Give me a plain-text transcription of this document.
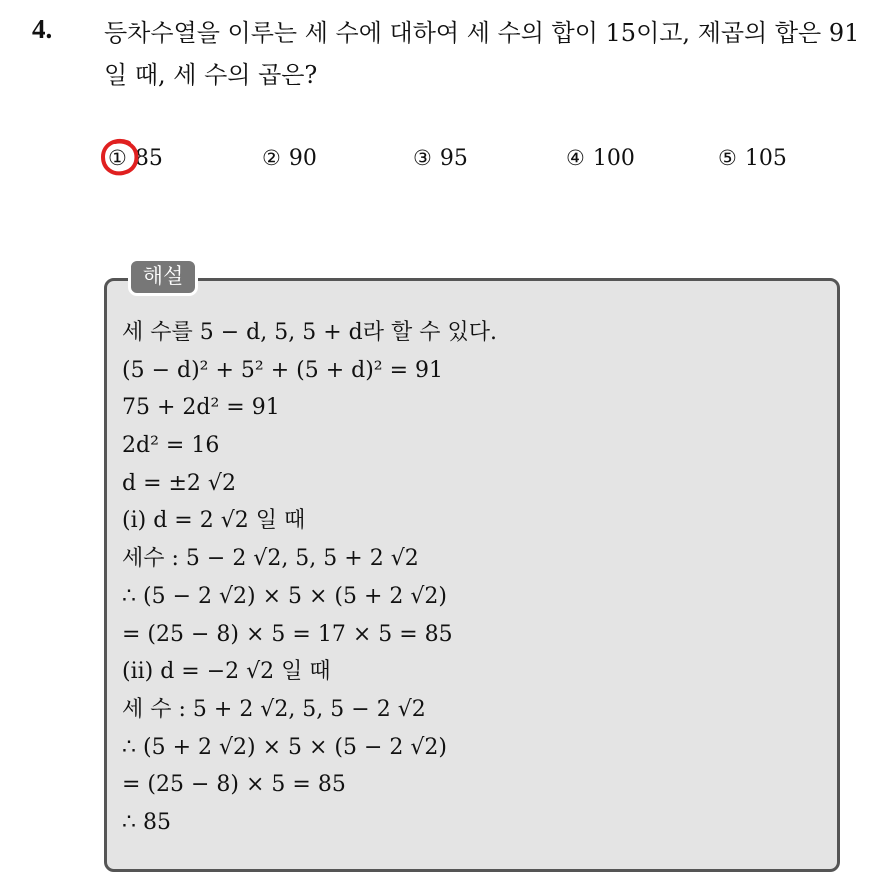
4. 등차수열을 이루는 세 수에 대하여 세 수의 합이 15이고, 제곱의 합은 91일 때, 세 수의 곱은?
① 85	② 90	③ 95	④ 100	⑤ 105
해설
세 수를 5 − d, 5, 5 + d라 할 수 있다.
(5 − d)² + 5² + (5 + d)² = 91
75 + 2d² = 91
2d² = 16
d = ±2 √2
(i) d = 2 √2 일 때
세수 : 5 − 2 √2, 5, 5 + 2 √2
∴ (5 − 2 √2) × 5 × (5 + 2 √2)
= (25 − 8) × 5 = 17 × 5 = 85
(ii) d = −2 √2 일 때
세 수 : 5 + 2 √2, 5, 5 − 2 √2
∴ (5 + 2 √2) × 5 × (5 − 2 √2)
= (25 − 8) × 5 = 85
∴ 85
